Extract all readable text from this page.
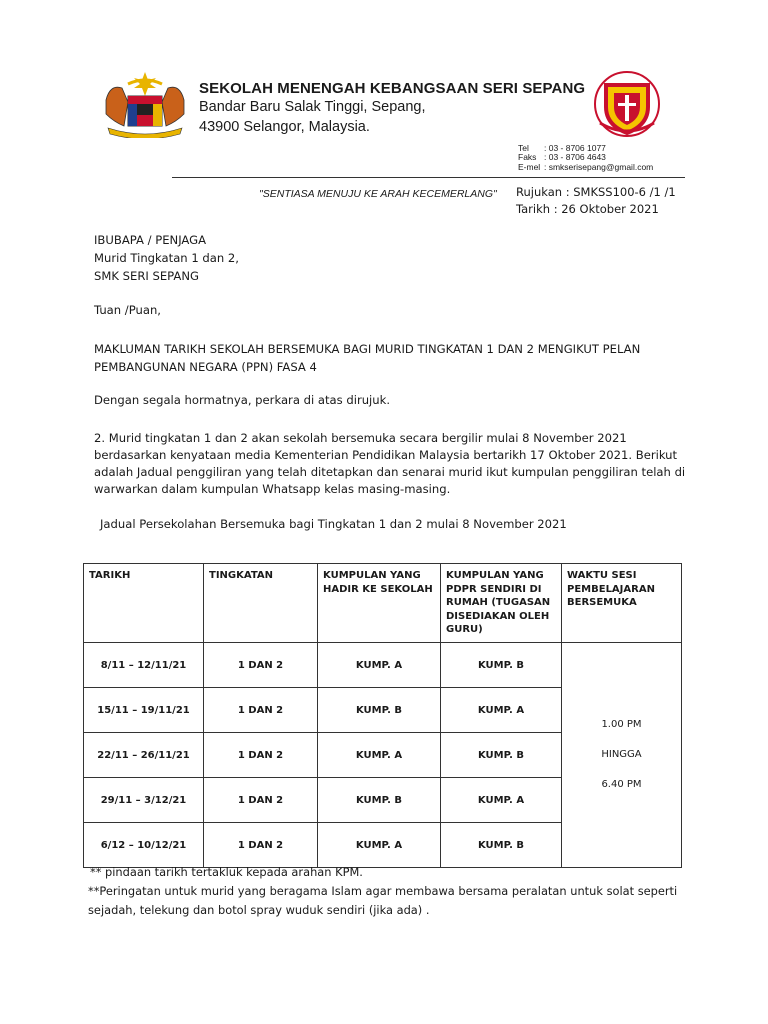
SEKOLAH MENENGAH KEBANGSAAN SERI SEPANG
Bandar Baru Salak Tinggi, Sepang,
43900 Selangor, Malaysia.
Tel : 03 - 8706 1077
Faks : 03 - 8706 4643
E-mel : smkserisepang@gmail.com
"SENTIASA MENUJU KE ARAH KECEMERLANG" Rujukan : SMKSS100-6 /1 /1
Tarikh : 26 Oktober 2021
IBUBAPA / PENJAGA
Murid Tingkatan 1 dan 2,
SMK SERI SEPANG
Tuan /Puan,
MAKLUMAN TARIKH SEKOLAH BERSEMUKA BAGI MURID TINGKATAN 1 DAN 2 MENGIKUT PELAN
PEMBANGUNAN NEGARA (PPN) FASA 4
Dengan segala hormatnya, perkara di atas dirujuk.
2. Murid tingkatan 1 dan 2 akan sekolah bersemuka secara bergilir mulai 8 November 2021
berdasarkan kenyataan media Kementerian Pendidikan Malaysia bertarikh 17 Oktober 2021. Berikut
adalah Jadual penggiliran yang telah ditetapkan dan senarai murid ikut kumpulan penggiliran telah di
warwarkan dalam kumpulan Whatsapp kelas masing-masing.
Jadual Persekolahan Bersemuka bagi Tingkatan 1 dan 2 mulai 8 November 2021
TARIKH	TINGKATAN	KUMPULAN YANG HADIR KE SEKOLAH	KUMPULAN YANG PDPR SENDIRI DI RUMAH (TUGASAN DISEDIAKAN OLEH GURU)	WAKTU SESI PEMBELAJARAN BERSEMUKA
8/11 – 12/11/21	1 DAN 2	KUMP. A	KUMP. B	1.00 PM
HINGGA
6.40 PM

15/11 – 19/11/21	1 DAN 2	KUMP. B	KUMP. A	
22/11 – 26/11/21	1 DAN 2	KUMP. A	KUMP. B	
29/11 – 3/12/21	1 DAN 2	KUMP. B	KUMP. A	
6/12 – 10/12/21	1 DAN 2	KUMP. A	KUMP. B	
** pindaan tarikh tertakluk kepada arahan KPM.
**Peringatan untuk murid yang beragama Islam agar membawa bersama peralatan untuk solat seperti
sejadah, telekung dan botol spray wuduk sendiri (jika ada) .
